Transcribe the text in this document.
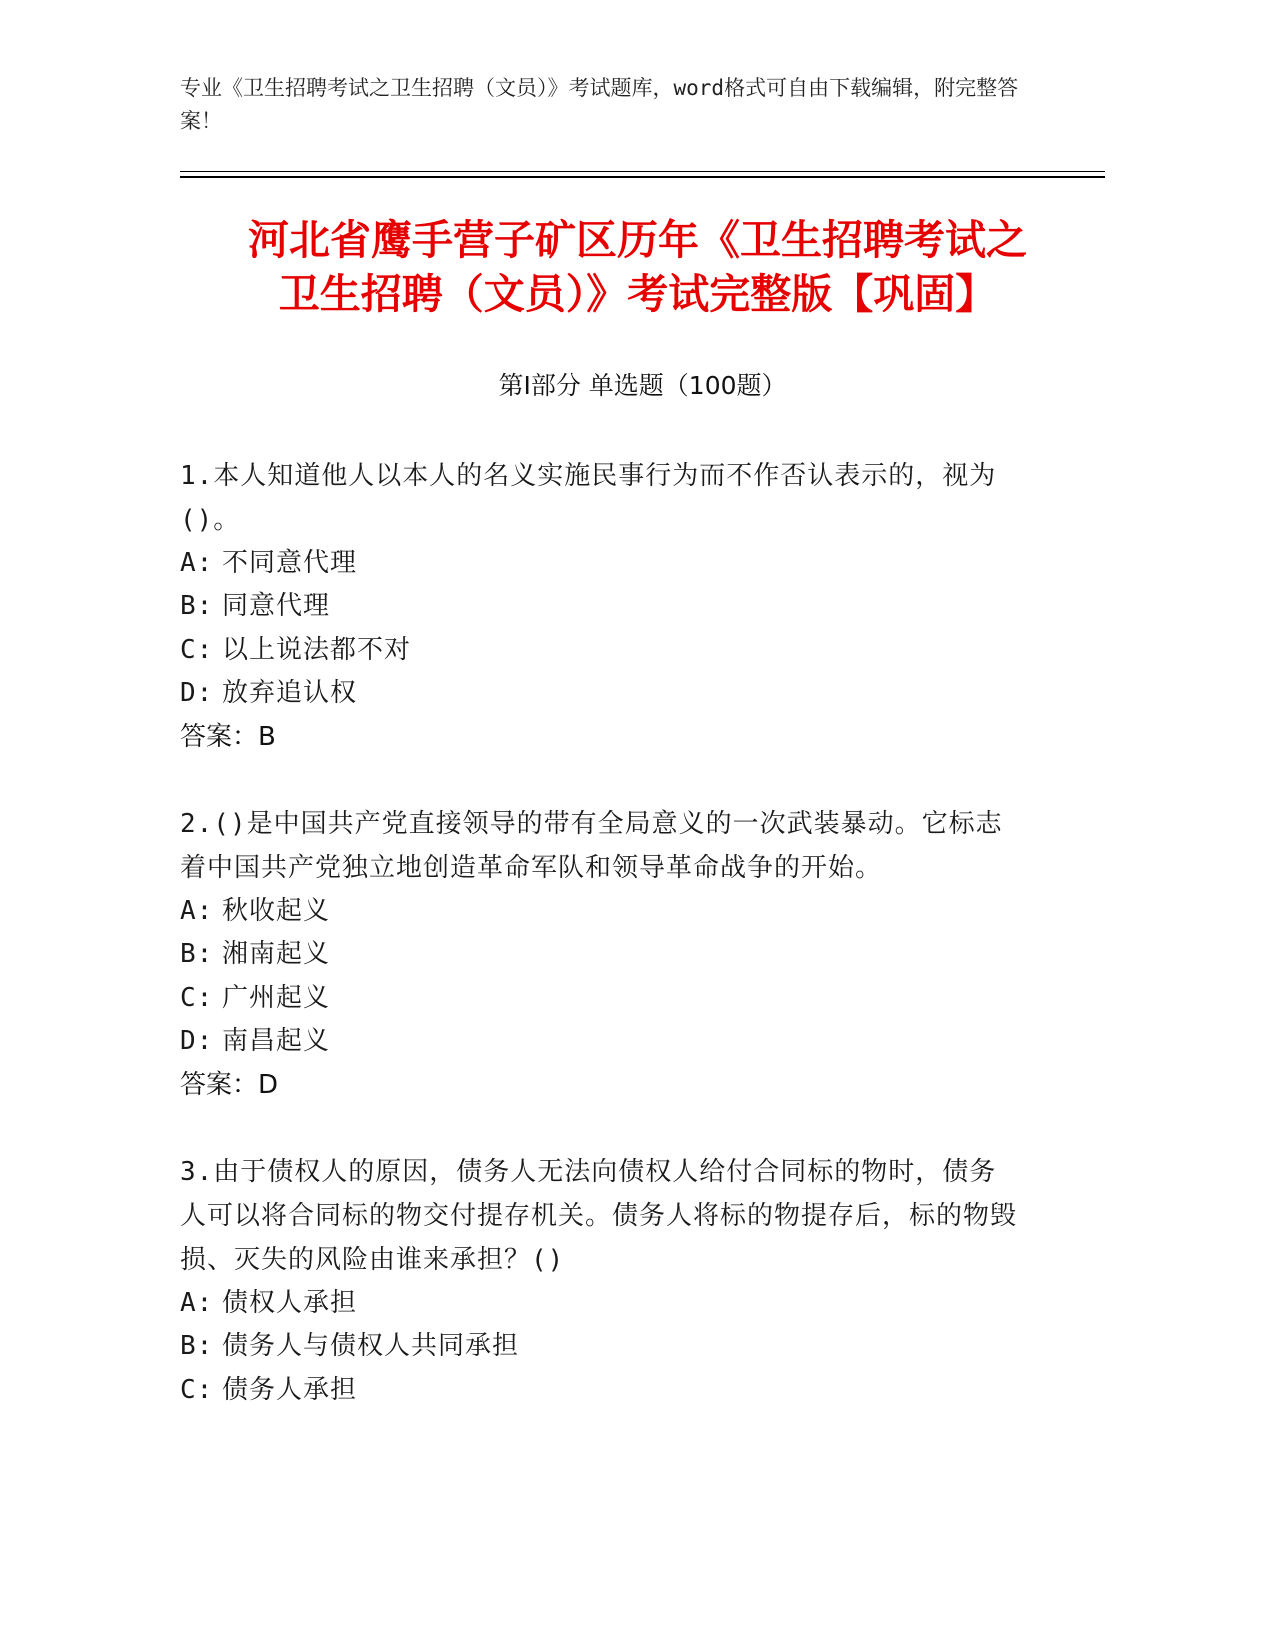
专业《卫生招聘考试之卫生招聘（文员）》考试题库，word格式可自由下载编辑，附完整答案！
河北省鹰手营子矿区历年《卫生招聘考试之
卫生招聘（文员）》考试完整版【巩固】
第Ⅰ部分 单选题（100题）
1.本人知道他人以本人的名义实施民事行为而不作否认表示的，视为()。
A: 不同意代理
B: 同意代理
C: 以上说法都不对
D: 放弃追认权
答案：B
2.()是中国共产党直接领导的带有全局意义的一次武装暴动。它标志着中国共产党独立地创造革命军队和领导革命战争的开始。
A: 秋收起义
B: 湘南起义
C: 广州起义
D: 南昌起义
答案：D
3.由于债权人的原因，债务人无法向债权人给付合同标的物时，债务人可以将合同标的物交付提存机关。债务人将标的物提存后，标的物毁损、灭失的风险由谁来承担？()
A: 债权人承担
B: 债务人与债权人共同承担
C: 债务人承担
